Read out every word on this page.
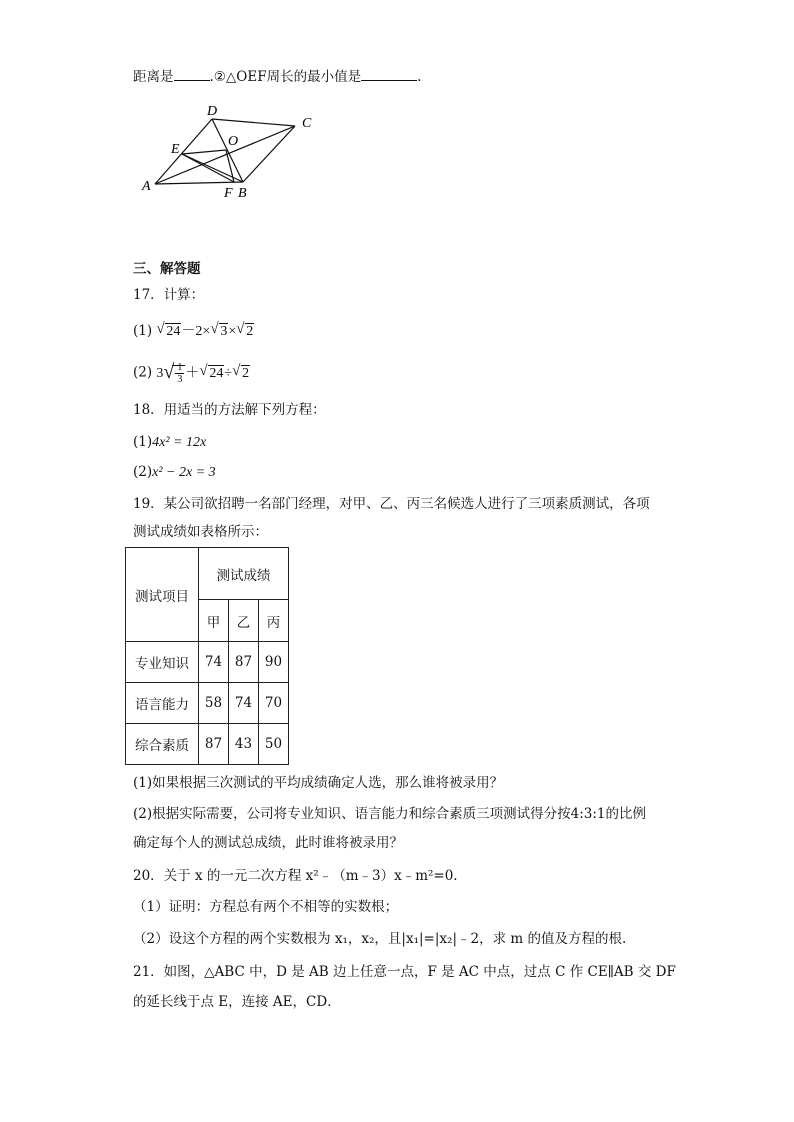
距离是	.②△OEF周长的最小值是	.
D
C
E
O
A	F B
三、解答题
17．计算：
(1) √ 24－2× √ 3× √ 2
(2) 3 √ $\frac{1}{3}$ ＋ √ 24÷ √ 2
18．用适当的方法解下列方程：
(1)4x² = 12x
(2)x² − 2x = 3
19．某公司欲招聘一名部门经理，对甲、乙、丙三名候选人进行了三项素质测试，各项
测试成绩如表格所示：
测试项目	测试成绩		
	甲	乙	丙
专业知识	74	87	90
语言能力	58	74	70
综合素质	87	43	50
(1)如果根据三次测试的平均成绩确定人选，那么谁将被录用？
(2)根据实际需要，公司将专业知识、语言能力和综合素质三项测试得分按4:3:1的比例
确定每个人的测试总成绩，此时谁将被录用？
20．关于 x 的一元二次方程 x²﹣（m﹣3）x﹣m²=0.
（1）证明：方程总有两个不相等的实数根；
（2）设这个方程的两个实数根为 x₁，x₂，且|x₁|=|x₂|﹣2，求 m 的值及方程的根.
21．如图，△ABC 中，D 是 AB 边上任意一点，F 是 AC 中点，过点 C 作 CE∥AB 交 DF
的延长线于点 E，连接 AE，CD．
